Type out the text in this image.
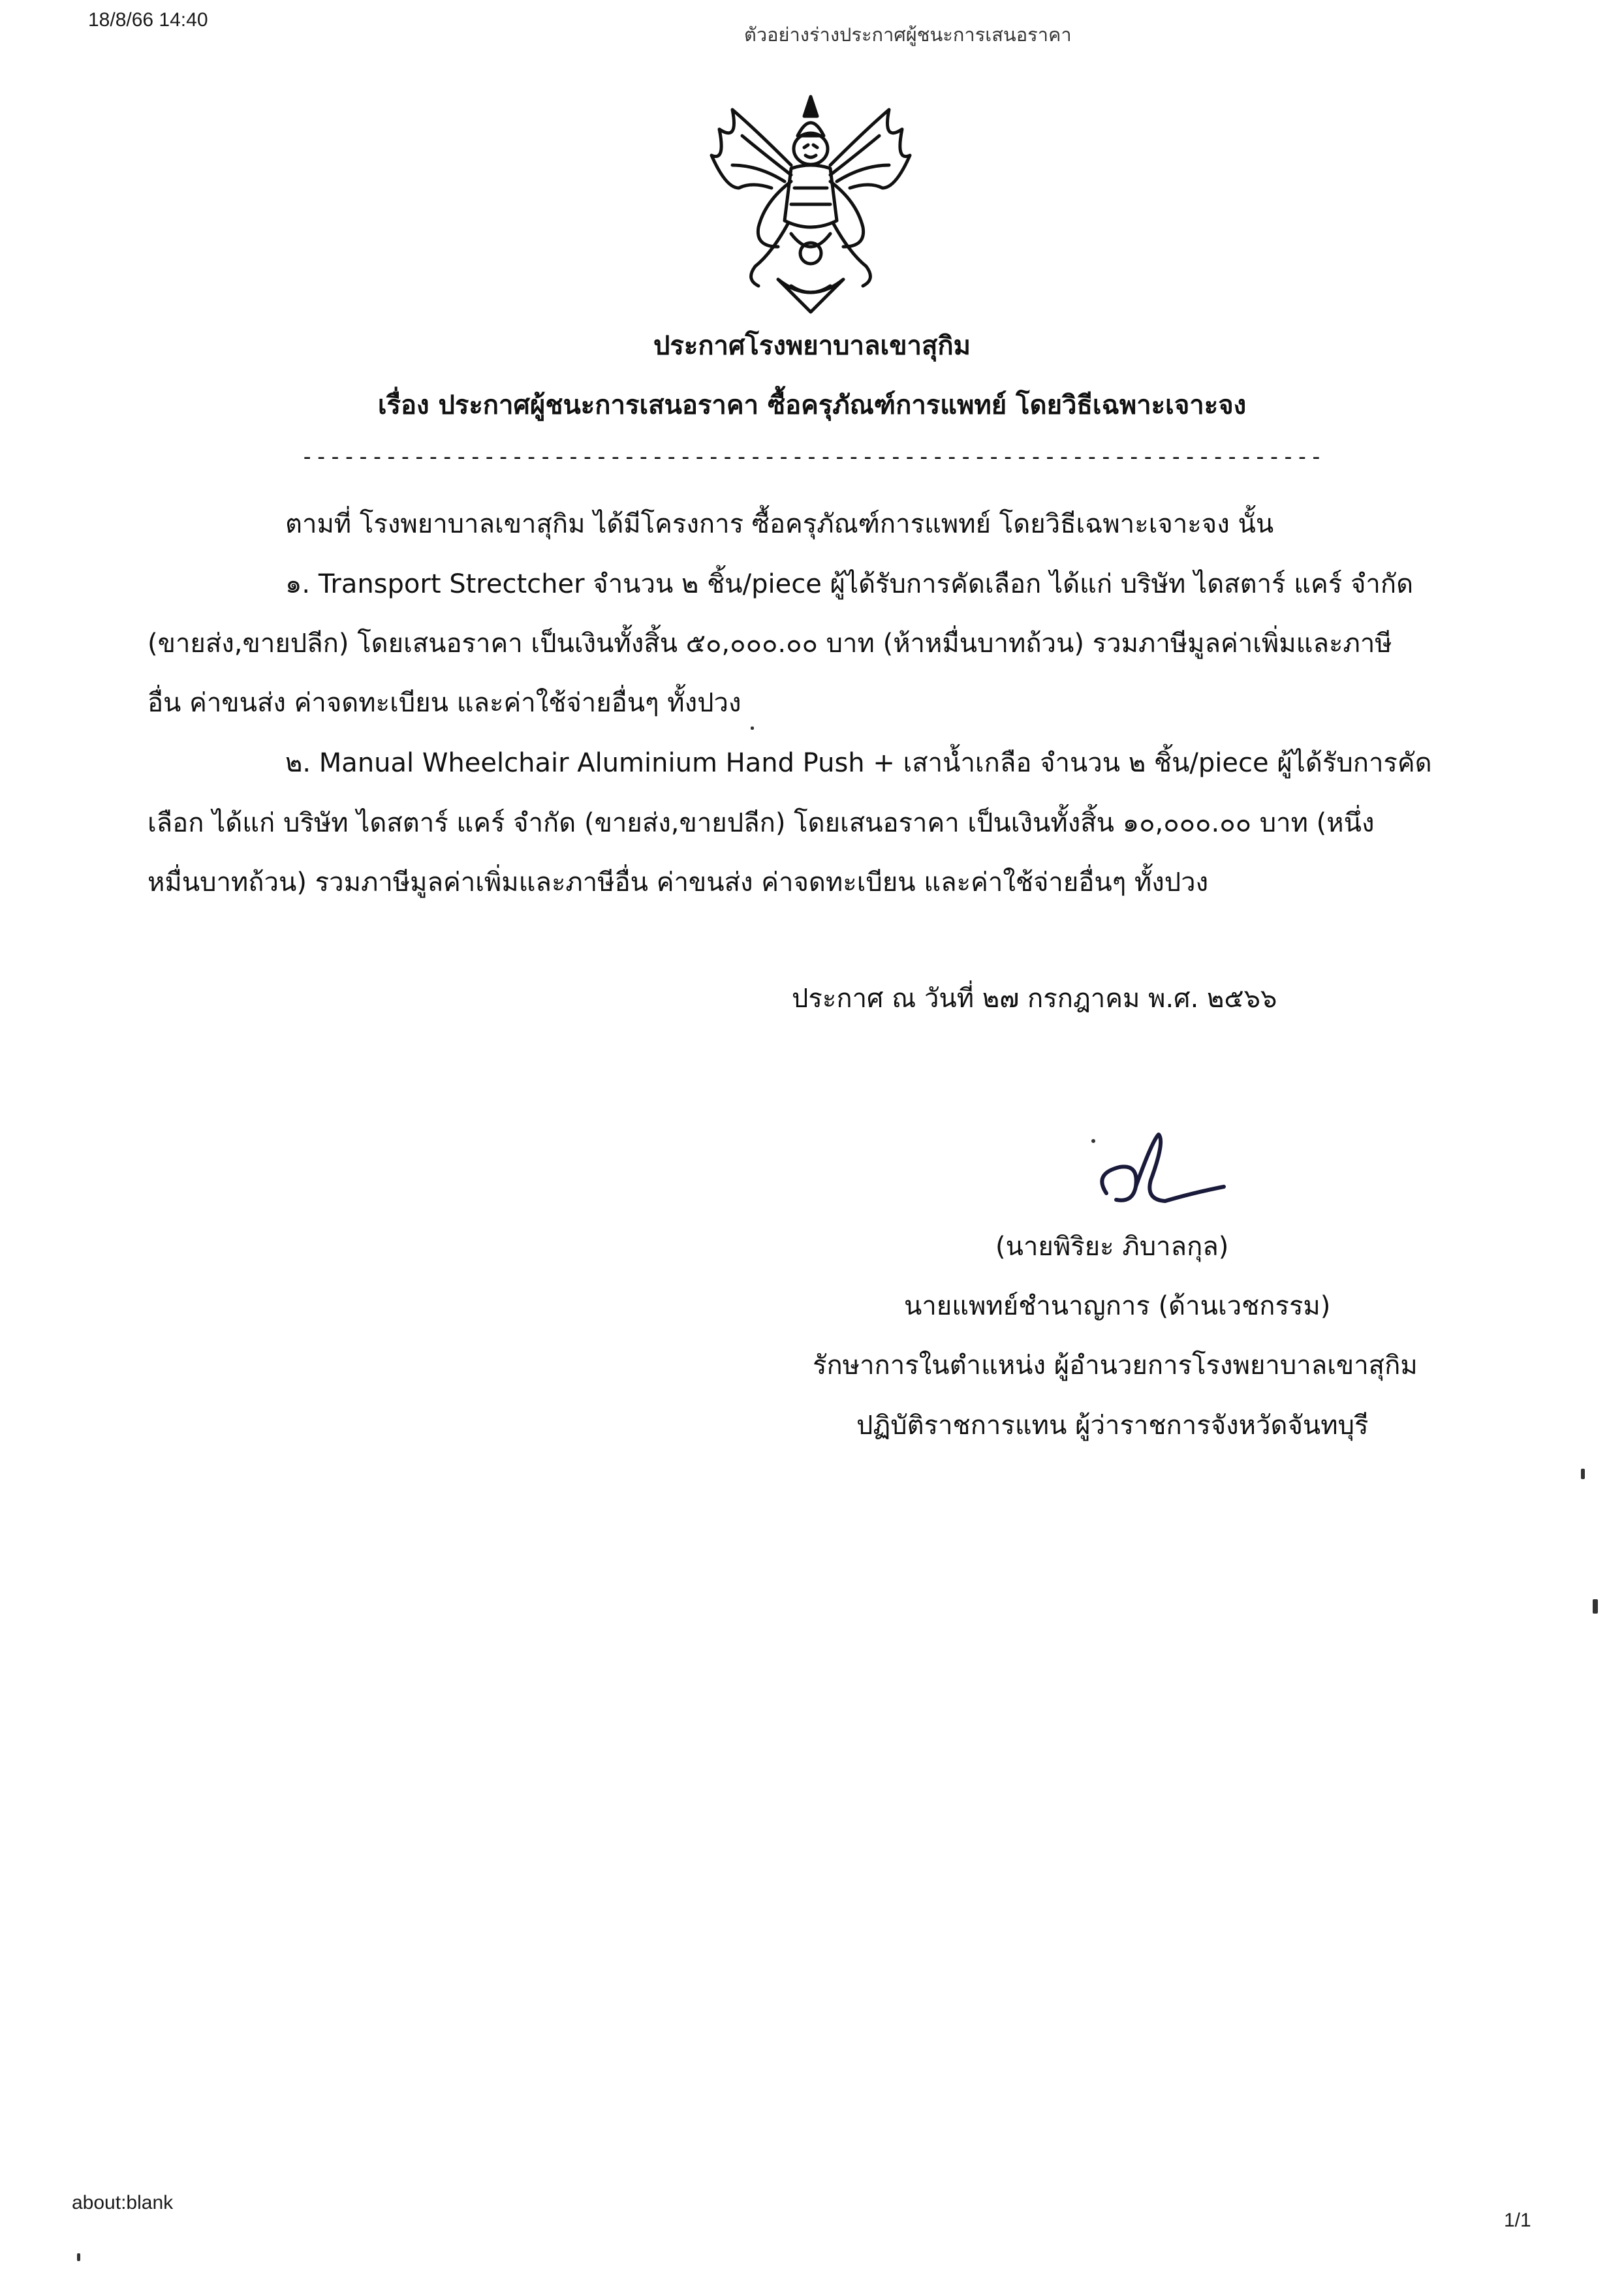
18/8/66 14:40
ตัวอย่างร่างประกาศผู้ชนะการเสนอราคา
ประกาศโรงพยาบาลเขาสุกิม
เรื่อง ประกาศผู้ชนะการเสนอราคา ซื้อครุภัณฑ์การแพทย์ โดยวิธีเฉพาะเจาะจง
-------------------------------------------------------------------------
ตามที่ โรงพยาบาลเขาสุกิม ได้มีโครงการ ซื้อครุภัณฑ์การแพทย์ โดยวิธีเฉพาะเจาะจง นั้น
๑. Transport Strectcher จำนวน ๒ ชิ้น/piece ผู้ได้รับการคัดเลือก ได้แก่ บริษัท ไดสตาร์ แคร์ จำกัด
(ขายส่ง,ขายปลีก) โดยเสนอราคา เป็นเงินทั้งสิ้น ๕๐,๐๐๐.๐๐ บาท (ห้าหมื่นบาทถ้วน) รวมภาษีมูลค่าเพิ่มและภาษี
อื่น ค่าขนส่ง ค่าจดทะเบียน และค่าใช้จ่ายอื่นๆ ทั้งปวง
๒. Manual Wheelchair Aluminium Hand Push + เสาน้ำเกลือ จำนวน ๒ ชิ้น/piece ผู้ได้รับการคัด
เลือก ได้แก่ บริษัท ไดสตาร์ แคร์ จำกัด (ขายส่ง,ขายปลีก) โดยเสนอราคา เป็นเงินทั้งสิ้น ๑๐,๐๐๐.๐๐ บาท (หนึ่ง
หมื่นบาทถ้วน) รวมภาษีมูลค่าเพิ่มและภาษีอื่น ค่าขนส่ง ค่าจดทะเบียน และค่าใช้จ่ายอื่นๆ ทั้งปวง
ประกาศ ณ วันที่ ๒๗ กรกฎาคม พ.ศ. ๒๕๖๖
(นายพิริยะ ภิบาลกุล)
นายแพทย์ชำนาญการ (ด้านเวชกรรม)
รักษาการในตำแหน่ง ผู้อำนวยการโรงพยาบาลเขาสุกิม
ปฏิบัติราชการแทน ผู้ว่าราชการจังหวัดจันทบุรี
about:blank
1/1
